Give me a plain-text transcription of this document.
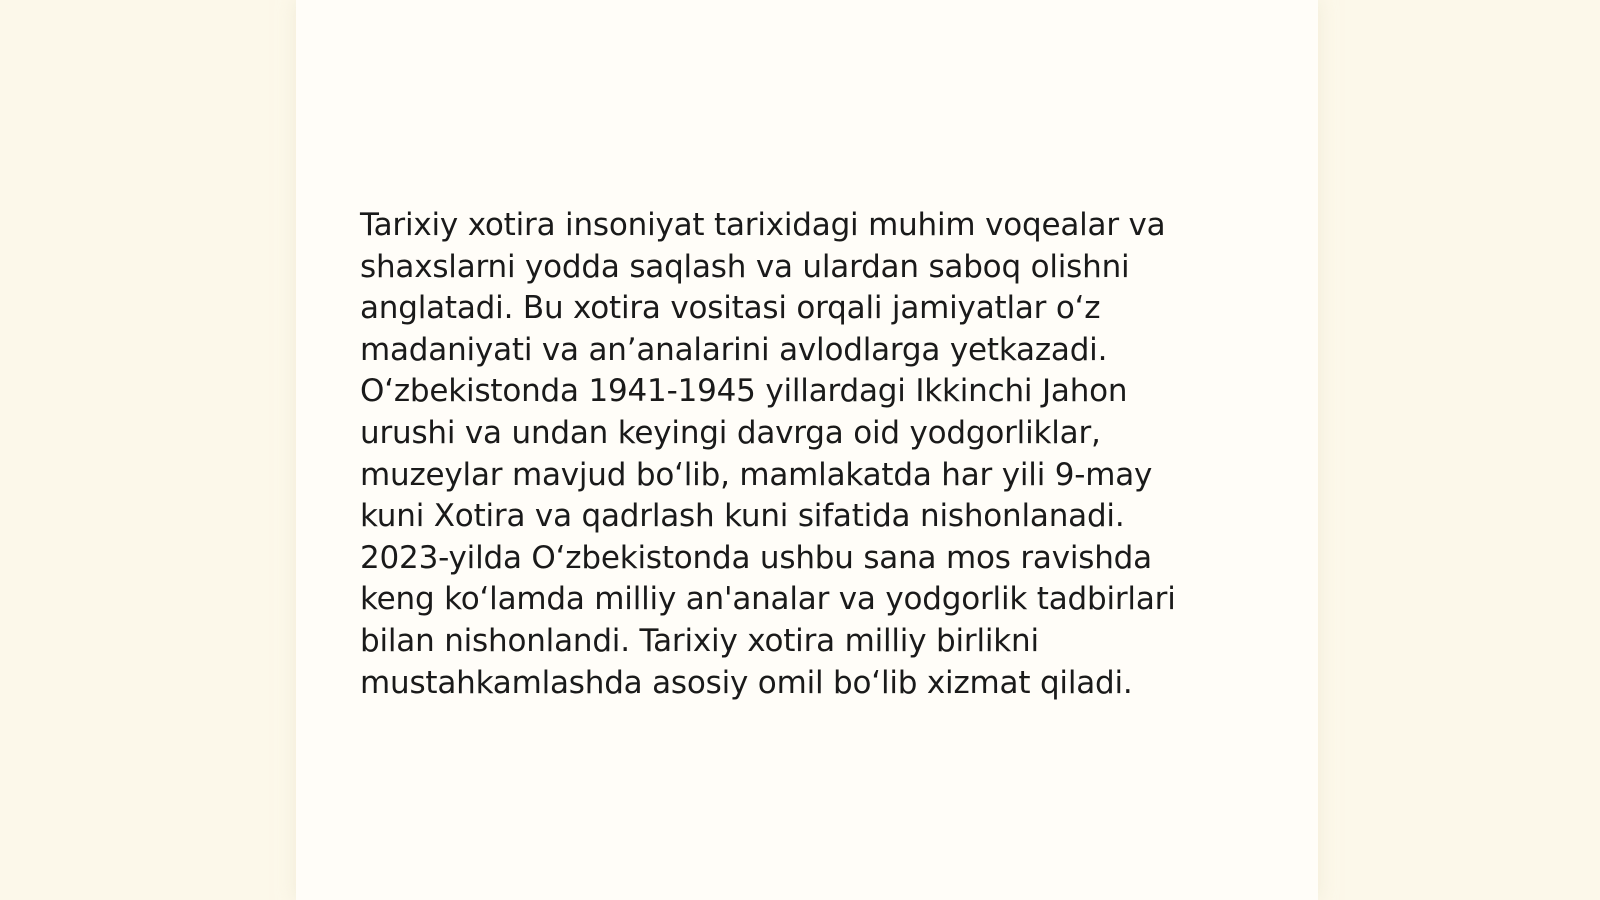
Tarixiy xotira insoniyat tarixidagi muhim voqealar va
shaxslarni yodda saqlash va ulardan saboq olishni
anglatadi. Bu xotira vositasi orqali jamiyatlar o‘z
madaniyati va an’analarini avlodlarga yetkazadi.
O‘zbekistonda 1941-1945 yillardagi Ikkinchi Jahon
urushi va undan keyingi davrga oid yodgorliklar,
muzeylar mavjud bo‘lib, mamlakatda har yili 9-may
kuni Xotira va qadrlash kuni sifatida nishonlanadi.
2023-yilda O‘zbekistonda ushbu sana mos ravishda
keng ko‘lamda milliy an'analar va yodgorlik tadbirlari
bilan nishonlandi. Tarixiy xotira milliy birlikni
mustahkamlashda asosiy omil bo‘lib xizmat qiladi.
